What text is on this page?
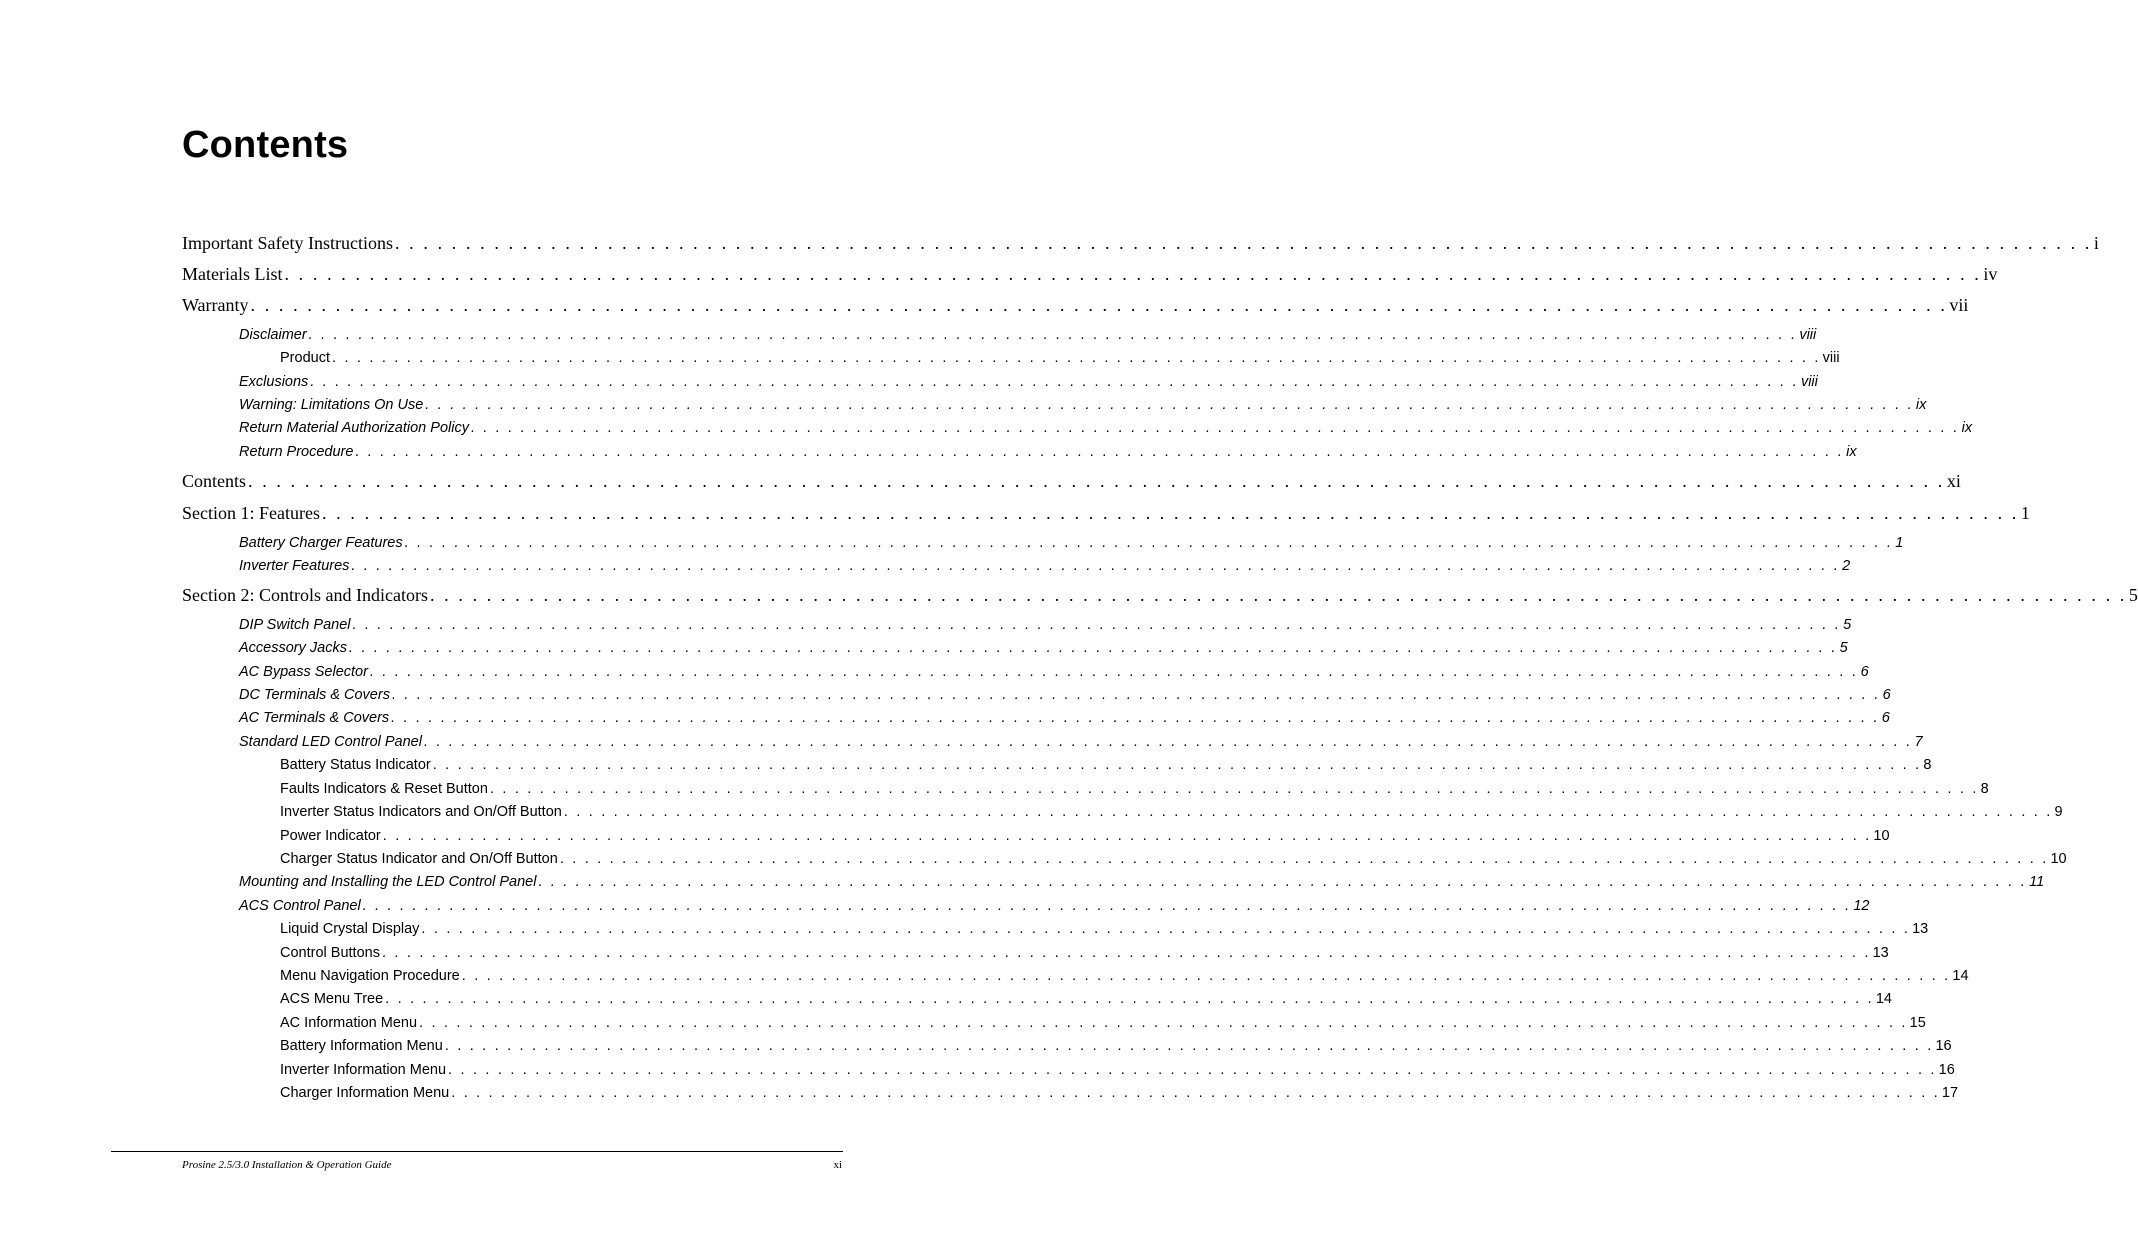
Contents
Important Safety Instructions . . . . . . . . . . . . . . . . . . . . . . . . . . . . . . . . . . . . . . . . . . . . . . . . . . . . . . . . . . . . . . . . . . . . . . . . . . . . . . . . . . . . . . . . . . . . . . . . . . . . . . . . . . . . . . . . . . . . . . . . i
Materials List . . . . . . . . . . . . . . . . . . . . . . . . . . . . . . . . . . . . . . . . . . . . . . . . . . . . . . . . . . . . . . . . . . . . . . . . . . . . . . . . . . . . . . . . . . . . . . . . . . . . . . . . . . . . . . . . . . . . . . . . iv
Warranty . . . . . . . . . . . . . . . . . . . . . . . . . . . . . . . . . . . . . . . . . . . . . . . . . . . . . . . . . . . . . . . . . . . . . . . . . . . . . . . . . . . . . . . . . . . . . . . . . . . . . . . . . . . . . . . . . . . . . . . . vii
Disclaimer . . . . . . . . . . . . . . . . . . . . . . . . . . . . . . . . . . . . . . . . . . . . . . . . . . . . . . . . . . . . . . . . . . . . . . . . . . . . . . . . . . . . . . . . . . . . . . . . . . . . . . . . . . . . . . . . . . . . . . . . viii
Product . . . . . . . . . . . . . . . . . . . . . . . . . . . . . . . . . . . . . . . . . . . . . . . . . . . . . . . . . . . . . . . . . . . . . . . . . . . . . . . . . . . . . . . . . . . . . . . . . . . . . . . . . . . . . . . . . . . . . . . . viii
Exclusions . . . . . . . . . . . . . . . . . . . . . . . . . . . . . . . . . . . . . . . . . . . . . . . . . . . . . . . . . . . . . . . . . . . . . . . . . . . . . . . . . . . . . . . . . . . . . . . . . . . . . . . . . . . . . . . . . . . . . . . . viii
Warning: Limitations On Use . . . . . . . . . . . . . . . . . . . . . . . . . . . . . . . . . . . . . . . . . . . . . . . . . . . . . . . . . . . . . . . . . . . . . . . . . . . . . . . . . . . . . . . . . . . . . . . . . . . . . . . . . . . . . . . . . . . . . . . . ix
Return Material Authorization Policy . . . . . . . . . . . . . . . . . . . . . . . . . . . . . . . . . . . . . . . . . . . . . . . . . . . . . . . . . . . . . . . . . . . . . . . . . . . . . . . . . . . . . . . . . . . . . . . . . . . . . . . . . . . . . . . . . . . . . . . . ix
Return Procedure . . . . . . . . . . . . . . . . . . . . . . . . . . . . . . . . . . . . . . . . . . . . . . . . . . . . . . . . . . . . . . . . . . . . . . . . . . . . . . . . . . . . . . . . . . . . . . . . . . . . . . . . . . . . . . . . . . . . . . . . ix
Contents . . . . . . . . . . . . . . . . . . . . . . . . . . . . . . . . . . . . . . . . . . . . . . . . . . . . . . . . . . . . . . . . . . . . . . . . . . . . . . . . . . . . . . . . . . . . . . . . . . . . . . . . . . . . . . . . . . . . . . . . xi
Section 1: Features . . . . . . . . . . . . . . . . . . . . . . . . . . . . . . . . . . . . . . . . . . . . . . . . . . . . . . . . . . . . . . . . . . . . . . . . . . . . . . . . . . . . . . . . . . . . . . . . . . . . . . . . . . . . . . . . . . . . . . . . 1
Battery Charger Features . . . . . . . . . . . . . . . . . . . . . . . . . . . . . . . . . . . . . . . . . . . . . . . . . . . . . . . . . . . . . . . . . . . . . . . . . . . . . . . . . . . . . . . . . . . . . . . . . . . . . . . . . . . . . . . . . . . . . . . . 1
Inverter Features . . . . . . . . . . . . . . . . . . . . . . . . . . . . . . . . . . . . . . . . . . . . . . . . . . . . . . . . . . . . . . . . . . . . . . . . . . . . . . . . . . . . . . . . . . . . . . . . . . . . . . . . . . . . . . . . . . . . . . . . 2
Section 2: Controls and Indicators . . . . . . . . . . . . . . . . . . . . . . . . . . . . . . . . . . . . . . . . . . . . . . . . . . . . . . . . . . . . . . . . . . . . . . . . . . . . . . . . . . . . . . . . . . . . . . . . . . . . . . . . . . . . . . . . . . . . . . . . 5
DIP Switch Panel . . . . . . . . . . . . . . . . . . . . . . . . . . . . . . . . . . . . . . . . . . . . . . . . . . . . . . . . . . . . . . . . . . . . . . . . . . . . . . . . . . . . . . . . . . . . . . . . . . . . . . . . . . . . . . . . . . . . . . . . 5
Accessory Jacks . . . . . . . . . . . . . . . . . . . . . . . . . . . . . . . . . . . . . . . . . . . . . . . . . . . . . . . . . . . . . . . . . . . . . . . . . . . . . . . . . . . . . . . . . . . . . . . . . . . . . . . . . . . . . . . . . . . . . . . . 5
AC Bypass Selector . . . . . . . . . . . . . . . . . . . . . . . . . . . . . . . . . . . . . . . . . . . . . . . . . . . . . . . . . . . . . . . . . . . . . . . . . . . . . . . . . . . . . . . . . . . . . . . . . . . . . . . . . . . . . . . . . . . . . . . . 6
DC Terminals & Covers . . . . . . . . . . . . . . . . . . . . . . . . . . . . . . . . . . . . . . . . . . . . . . . . . . . . . . . . . . . . . . . . . . . . . . . . . . . . . . . . . . . . . . . . . . . . . . . . . . . . . . . . . . . . . . . . . . . . . . . . 6
AC Terminals & Covers . . . . . . . . . . . . . . . . . . . . . . . . . . . . . . . . . . . . . . . . . . . . . . . . . . . . . . . . . . . . . . . . . . . . . . . . . . . . . . . . . . . . . . . . . . . . . . . . . . . . . . . . . . . . . . . . . . . . . . . . 6
Standard LED Control Panel . . . . . . . . . . . . . . . . . . . . . . . . . . . . . . . . . . . . . . . . . . . . . . . . . . . . . . . . . . . . . . . . . . . . . . . . . . . . . . . . . . . . . . . . . . . . . . . . . . . . . . . . . . . . . . . . . . . . . . . . 7
Battery Status Indicator . . . . . . . . . . . . . . . . . . . . . . . . . . . . . . . . . . . . . . . . . . . . . . . . . . . . . . . . . . . . . . . . . . . . . . . . . . . . . . . . . . . . . . . . . . . . . . . . . . . . . . . . . . . . . . . . . . . . . . . . 8
Faults Indicators & Reset Button . . . . . . . . . . . . . . . . . . . . . . . . . . . . . . . . . . . . . . . . . . . . . . . . . . . . . . . . . . . . . . . . . . . . . . . . . . . . . . . . . . . . . . . . . . . . . . . . . . . . . . . . . . . . . . . . . . . . . . . . 8
Inverter Status Indicators and On/Off Button . . . . . . . . . . . . . . . . . . . . . . . . . . . . . . . . . . . . . . . . . . . . . . . . . . . . . . . . . . . . . . . . . . . . . . . . . . . . . . . . . . . . . . . . . . . . . . . . . . . . . . . . . . . . . . . . . . . . . . . . 9
Power Indicator . . . . . . . . . . . . . . . . . . . . . . . . . . . . . . . . . . . . . . . . . . . . . . . . . . . . . . . . . . . . . . . . . . . . . . . . . . . . . . . . . . . . . . . . . . . . . . . . . . . . . . . . . . . . . . . . . . . . . . . . 10
Charger Status Indicator and On/Off Button . . . . . . . . . . . . . . . . . . . . . . . . . . . . . . . . . . . . . . . . . . . . . . . . . . . . . . . . . . . . . . . . . . . . . . . . . . . . . . . . . . . . . . . . . . . . . . . . . . . . . . . . . . . . . . . . . . . . . . . . 10
Mounting and Installing the LED Control Panel . . . . . . . . . . . . . . . . . . . . . . . . . . . . . . . . . . . . . . . . . . . . . . . . . . . . . . . . . . . . . . . . . . . . . . . . . . . . . . . . . . . . . . . . . . . . . . . . . . . . . . . . . . . . . . . . . . . . . . . . 11
ACS Control Panel . . . . . . . . . . . . . . . . . . . . . . . . . . . . . . . . . . . . . . . . . . . . . . . . . . . . . . . . . . . . . . . . . . . . . . . . . . . . . . . . . . . . . . . . . . . . . . . . . . . . . . . . . . . . . . . . . . . . . . . . 12
Liquid Crystal Display . . . . . . . . . . . . . . . . . . . . . . . . . . . . . . . . . . . . . . . . . . . . . . . . . . . . . . . . . . . . . . . . . . . . . . . . . . . . . . . . . . . . . . . . . . . . . . . . . . . . . . . . . . . . . . . . . . . . . . . . 13
Control Buttons . . . . . . . . . . . . . . . . . . . . . . . . . . . . . . . . . . . . . . . . . . . . . . . . . . . . . . . . . . . . . . . . . . . . . . . . . . . . . . . . . . . . . . . . . . . . . . . . . . . . . . . . . . . . . . . . . . . . . . . . 13
Menu Navigation Procedure . . . . . . . . . . . . . . . . . . . . . . . . . . . . . . . . . . . . . . . . . . . . . . . . . . . . . . . . . . . . . . . . . . . . . . . . . . . . . . . . . . . . . . . . . . . . . . . . . . . . . . . . . . . . . . . . . . . . . . . . 14
ACS Menu Tree . . . . . . . . . . . . . . . . . . . . . . . . . . . . . . . . . . . . . . . . . . . . . . . . . . . . . . . . . . . . . . . . . . . . . . . . . . . . . . . . . . . . . . . . . . . . . . . . . . . . . . . . . . . . . . . . . . . . . . . . 14
AC Information Menu . . . . . . . . . . . . . . . . . . . . . . . . . . . . . . . . . . . . . . . . . . . . . . . . . . . . . . . . . . . . . . . . . . . . . . . . . . . . . . . . . . . . . . . . . . . . . . . . . . . . . . . . . . . . . . . . . . . . . . . . 15
Battery Information Menu . . . . . . . . . . . . . . . . . . . . . . . . . . . . . . . . . . . . . . . . . . . . . . . . . . . . . . . . . . . . . . . . . . . . . . . . . . . . . . . . . . . . . . . . . . . . . . . . . . . . . . . . . . . . . . . . . . . . . . . . 16
Inverter Information Menu . . . . . . . . . . . . . . . . . . . . . . . . . . . . . . . . . . . . . . . . . . . . . . . . . . . . . . . . . . . . . . . . . . . . . . . . . . . . . . . . . . . . . . . . . . . . . . . . . . . . . . . . . . . . . . . . . . . . . . . . 16
Charger Information Menu . . . . . . . . . . . . . . . . . . . . . . . . . . . . . . . . . . . . . . . . . . . . . . . . . . . . . . . . . . . . . . . . . . . . . . . . . . . . . . . . . . . . . . . . . . . . . . . . . . . . . . . . . . . . . . . . . . . . . . . . 17
Prosine 2.5/3.0 Installation & Operation Guide	xi
